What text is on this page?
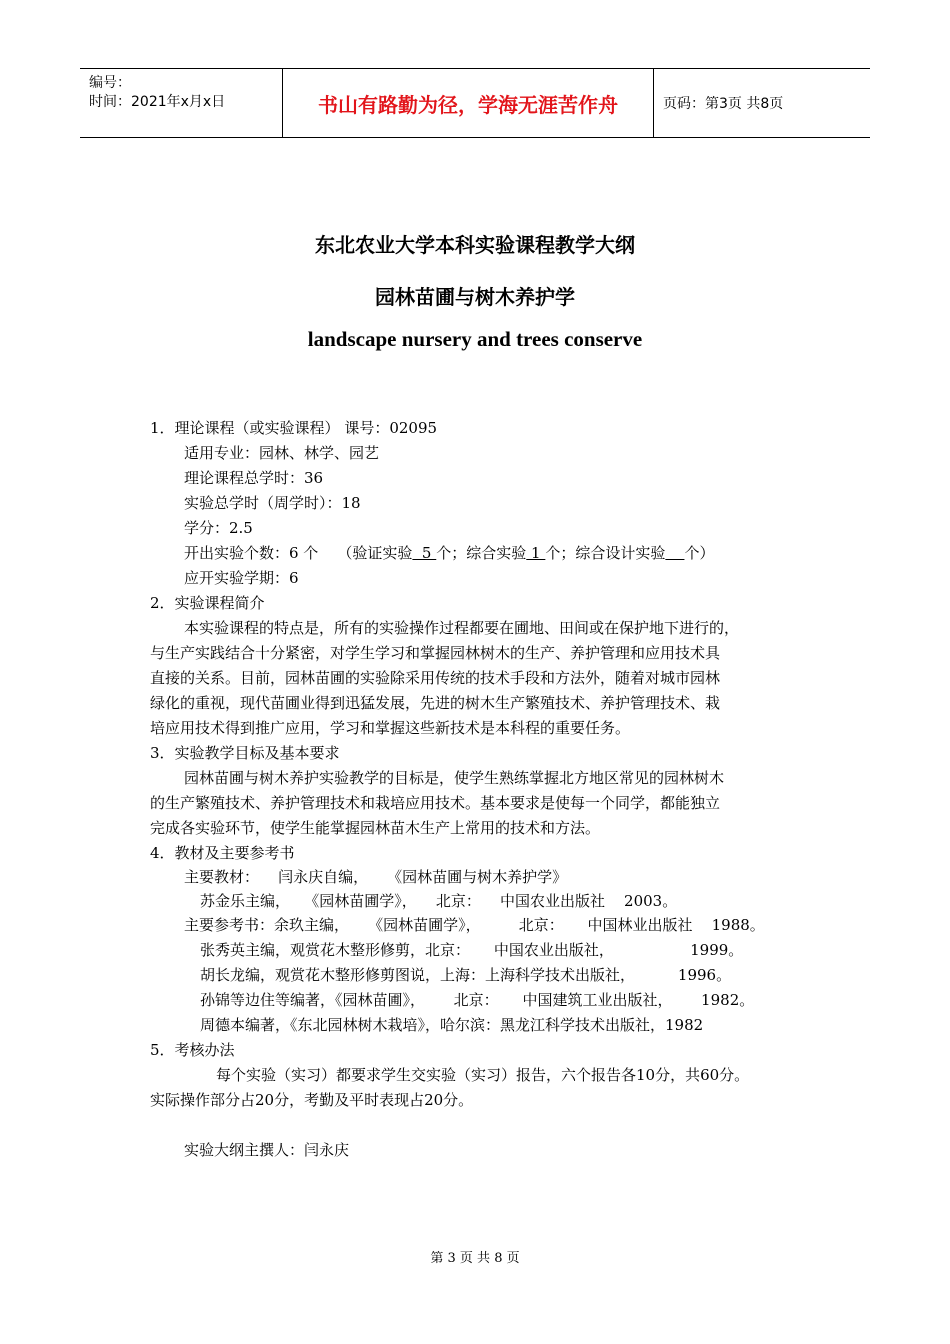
编号：
时间：2021年x月x日	书山有路勤为径，学海无涯苦作舟	页码：第3页 共8页
东北农业大学本科实验课程教学大纲
园林苗圃与树木养护学
landscape nursery and trees conserve
1．理论课程（或实验课程） 课号：02095
适用专业：园林、林学、园艺
理论课程总学时：36
实验总学时（周学时）：18
学分：2.5
开出实验个数：6 个    （验证实验  5 个；综合实验 1 个；综合设计实验 个）
应开实验学期：6
2．实验课程简介
本实验课程的特点是，所有的实验操作过程都要在圃地、田间或在保护地下进行的，
与生产实践结合十分紧密，对学生学习和掌握园林树木的生产、养护管理和应用技术具
直接的关系。目前，园林苗圃的实验除采用传统的技术手段和方法外，随着对城市园林
绿化的重视，现代苗圃业得到迅猛发展，先进的树木生产繁殖技术、养护管理技术、栽
培应用技术得到推广应用，学习和掌握这些新技术是本科程的重要任务。
3．实验教学目标及基本要求
园林苗圃与树木养护实验教学的目标是，使学生熟练掌握北方地区常见的园林树木
的生产繁殖技术、养护管理技术和栽培应用技术。基本要求是使每一个同学，都能独立
完成各实验环节，使学生能掌握园林苗木生产上常用的技术和方法。
4．教材及主要参考书
主要教材：    闫永庆自编，    《园林苗圃与树木养护学》
苏金乐主编，   《园林苗圃学》，    北京：    中国农业出版社    2003。
主要参考书：余玖主编，    《园林苗圃学》，        北京：     中国林业出版社    1988。
张秀英主编，观赏花木整形修剪，北京：     中国农业出版社，                1999。
胡长龙编，观赏花木整形修剪图说，上海：上海科学技术出版社，         1996。
孙锦等边住等编著，《园林苗圃》，      北京：     中国建筑工业出版社，      1982。
周德本编著，《东北园林树木栽培》，哈尔滨：黑龙江科学技术出版社，1982
5．考核办法
每个实验（实习）都要求学生交实验（实习）报告，六个报告各10分，共60分。
实际操作部分占20分，考勤及平时表现占20分。
实验大纲主撰人：闫永庆
第 3 页 共 8 页
